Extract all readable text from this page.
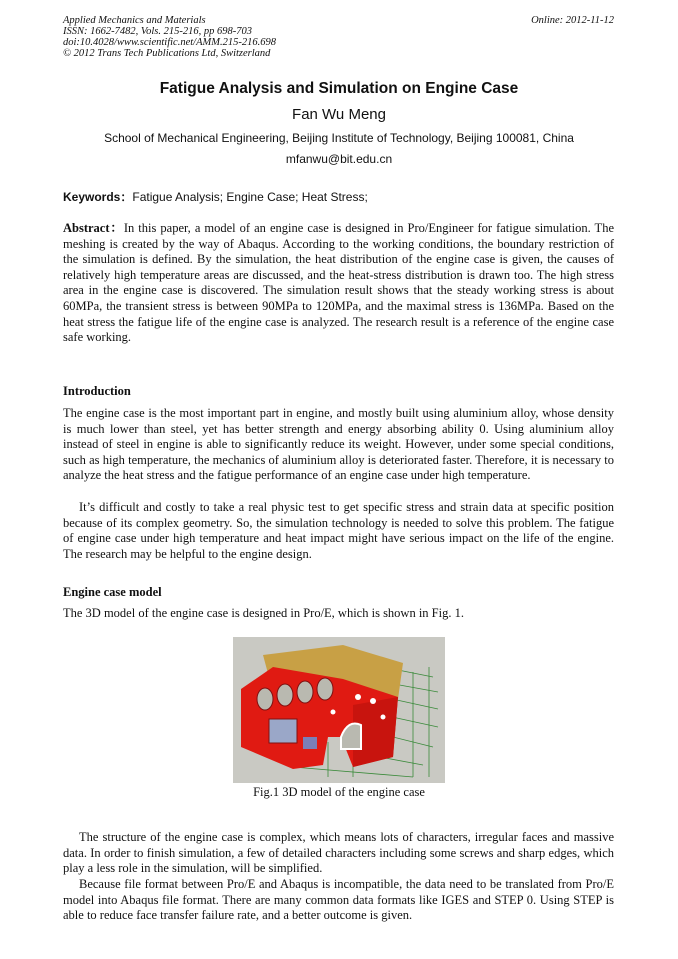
Applied Mechanics and Materials
ISSN: 1662-7482, Vols. 215-216, pp 698-703
doi:10.4028/www.scientific.net/AMM.215-216.698
© 2012 Trans Tech Publications Ltd, Switzerland
Online: 2012-11-12
Fatigue Analysis and Simulation on Engine Case
Fan Wu Meng
School of Mechanical Engineering, Beijing Institute of Technology, Beijing 100081, China
mfanwu@bit.edu.cn
Keywords：Fatigue Analysis; Engine Case; Heat Stress;

Abstract：In this paper, a model of an engine case is designed in Pro/Engineer for fatigue simulation. The meshing is created by the way of Abaqus. According to the working conditions, the boundary restriction of the simulation is defined. By the simulation, the heat distribution of the engine case is given, the causes of relatively high temperature areas are discussed, and the heat-stress distribution is drawn too. The high stress area in the engine case is discovered. The simulation result shows that the steady working stress is about 60MPa, the transient stress is between 90MPa to 120MPa, and the maximal stress is 136MPa. Based on the heat stress the fatigue life of the engine case is analyzed. The research result is a reference of the engine case safe working.

Introduction

The engine case is the most important part in engine, and mostly built using aluminium alloy, whose density is much lower than steel, yet has better strength and energy absorbing ability 0. Using aluminium alloy instead of steel in engine is able to significantly reduce its weight. However, under some special conditions, such as high temperature, the mechanics of aluminium alloy is deteriorated faster. Therefore, it is necessary to analyze the heat stress and the fatigue performance of an engine case under high temperature.

It’s difficult and costly to take a real physic test to get specific stress and strain data at specific position because of its complex geometry. So, the simulation technology is needed to solve this problem. The fatigue of engine case under high temperature and heat impact might have serious impact on the life of the engine. The research may be helpful to the engine design.

Engine case model

The 3D model of the engine case is designed in Pro/E, which is shown in Fig. 1.

Fig.1 3D model of the engine case

The structure of the engine case is complex, which means lots of characters, irregular faces and massive data. In order to finish simulation, a few of detailed characters including some screws and sharp edges, which play a less role in the simulation, will be simplified.

Because file format between Pro/E and Abaqus is incompatible, the data need to be translated from Pro/E model into Abaqus file format. There are many common data formats like IGES and STEP 0. Using STEP is able to reduce face transfer failure rate, and a better outcome is given.
